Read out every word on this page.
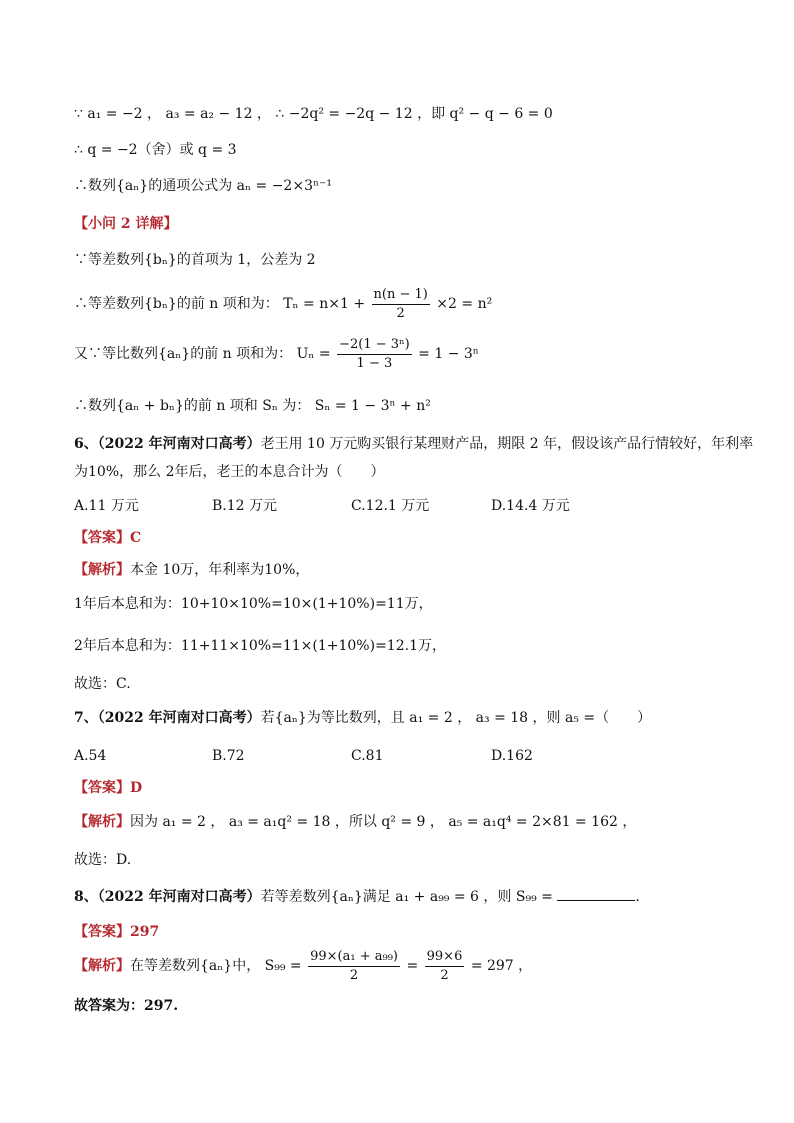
∵ a₁ = −2 ， a₃ = a₂ − 12 ， ∴ −2q² = −2q − 12 ，即 q² − q − 6 = 0
∴ q = −2（舍）或 q = 3
∴数列{aₙ}的通项公式为 aₙ = −2×3ⁿ⁻¹
【小问 2 详解】
∵等差数列{bₙ}的首项为 1，公差为 2
∴等差数列{bₙ}的前 n 项和为： $T_n = n\times 1 + \frac{n(n - 1)}{2} \times 2 = n^2$
又∵等比数列{aₙ}的前 n 项和为： $U_n = \frac{\text{−2(1 − 3ⁿ)}}{1 - 3} = 1 - 3^n$
∴数列{aₙ + bₙ}的前 n 项和 Sₙ 为： Sₙ = 1 − 3ⁿ + n²
6、（2022 年河南对口高考）老王用 10 万元购买银行某理财产品，期限 2 年，假设该产品行情较好，年利率
为10%，那么 2年后，老王的本息合计为（　　）
A.11 万元	B.12 万元	C.12.1 万元	D.14.4 万元
【答案】C
【解析】本金 10万，年利率为10%，
1年后本息和为：10+10×10%=10×(1+10%)=11万，
2年后本息和为：11+11×10%=11×(1+10%)=12.1万，
故选：C.
7、（2022 年河南对口高考）若{aₙ}为等比数列，且 a₁ = 2 ， a₃ = 18 ，则 a₅ =（　　）
A.54	B.72	C.81	D.162
【答案】D
【解析】因为 a₁ = 2 ， a₃ = a₁q² = 18 ，所以 q² = 9 ， a₅ = a₁q⁴ = 2×81 = 162 ，
故选：D.
8、（2022 年河南对口高考）若等差数列{aₙ}满足 a₁ + a₉₉ = 6 ，则 S₉₉ =	.
【答案】297
【解析】在等差数列{aₙ}中， $S_{99} = \frac{\text{99×(a₁ + a₉₉)}}{2} = \frac{99\times 6}{2} = 297$ ，
故答案为：297.
